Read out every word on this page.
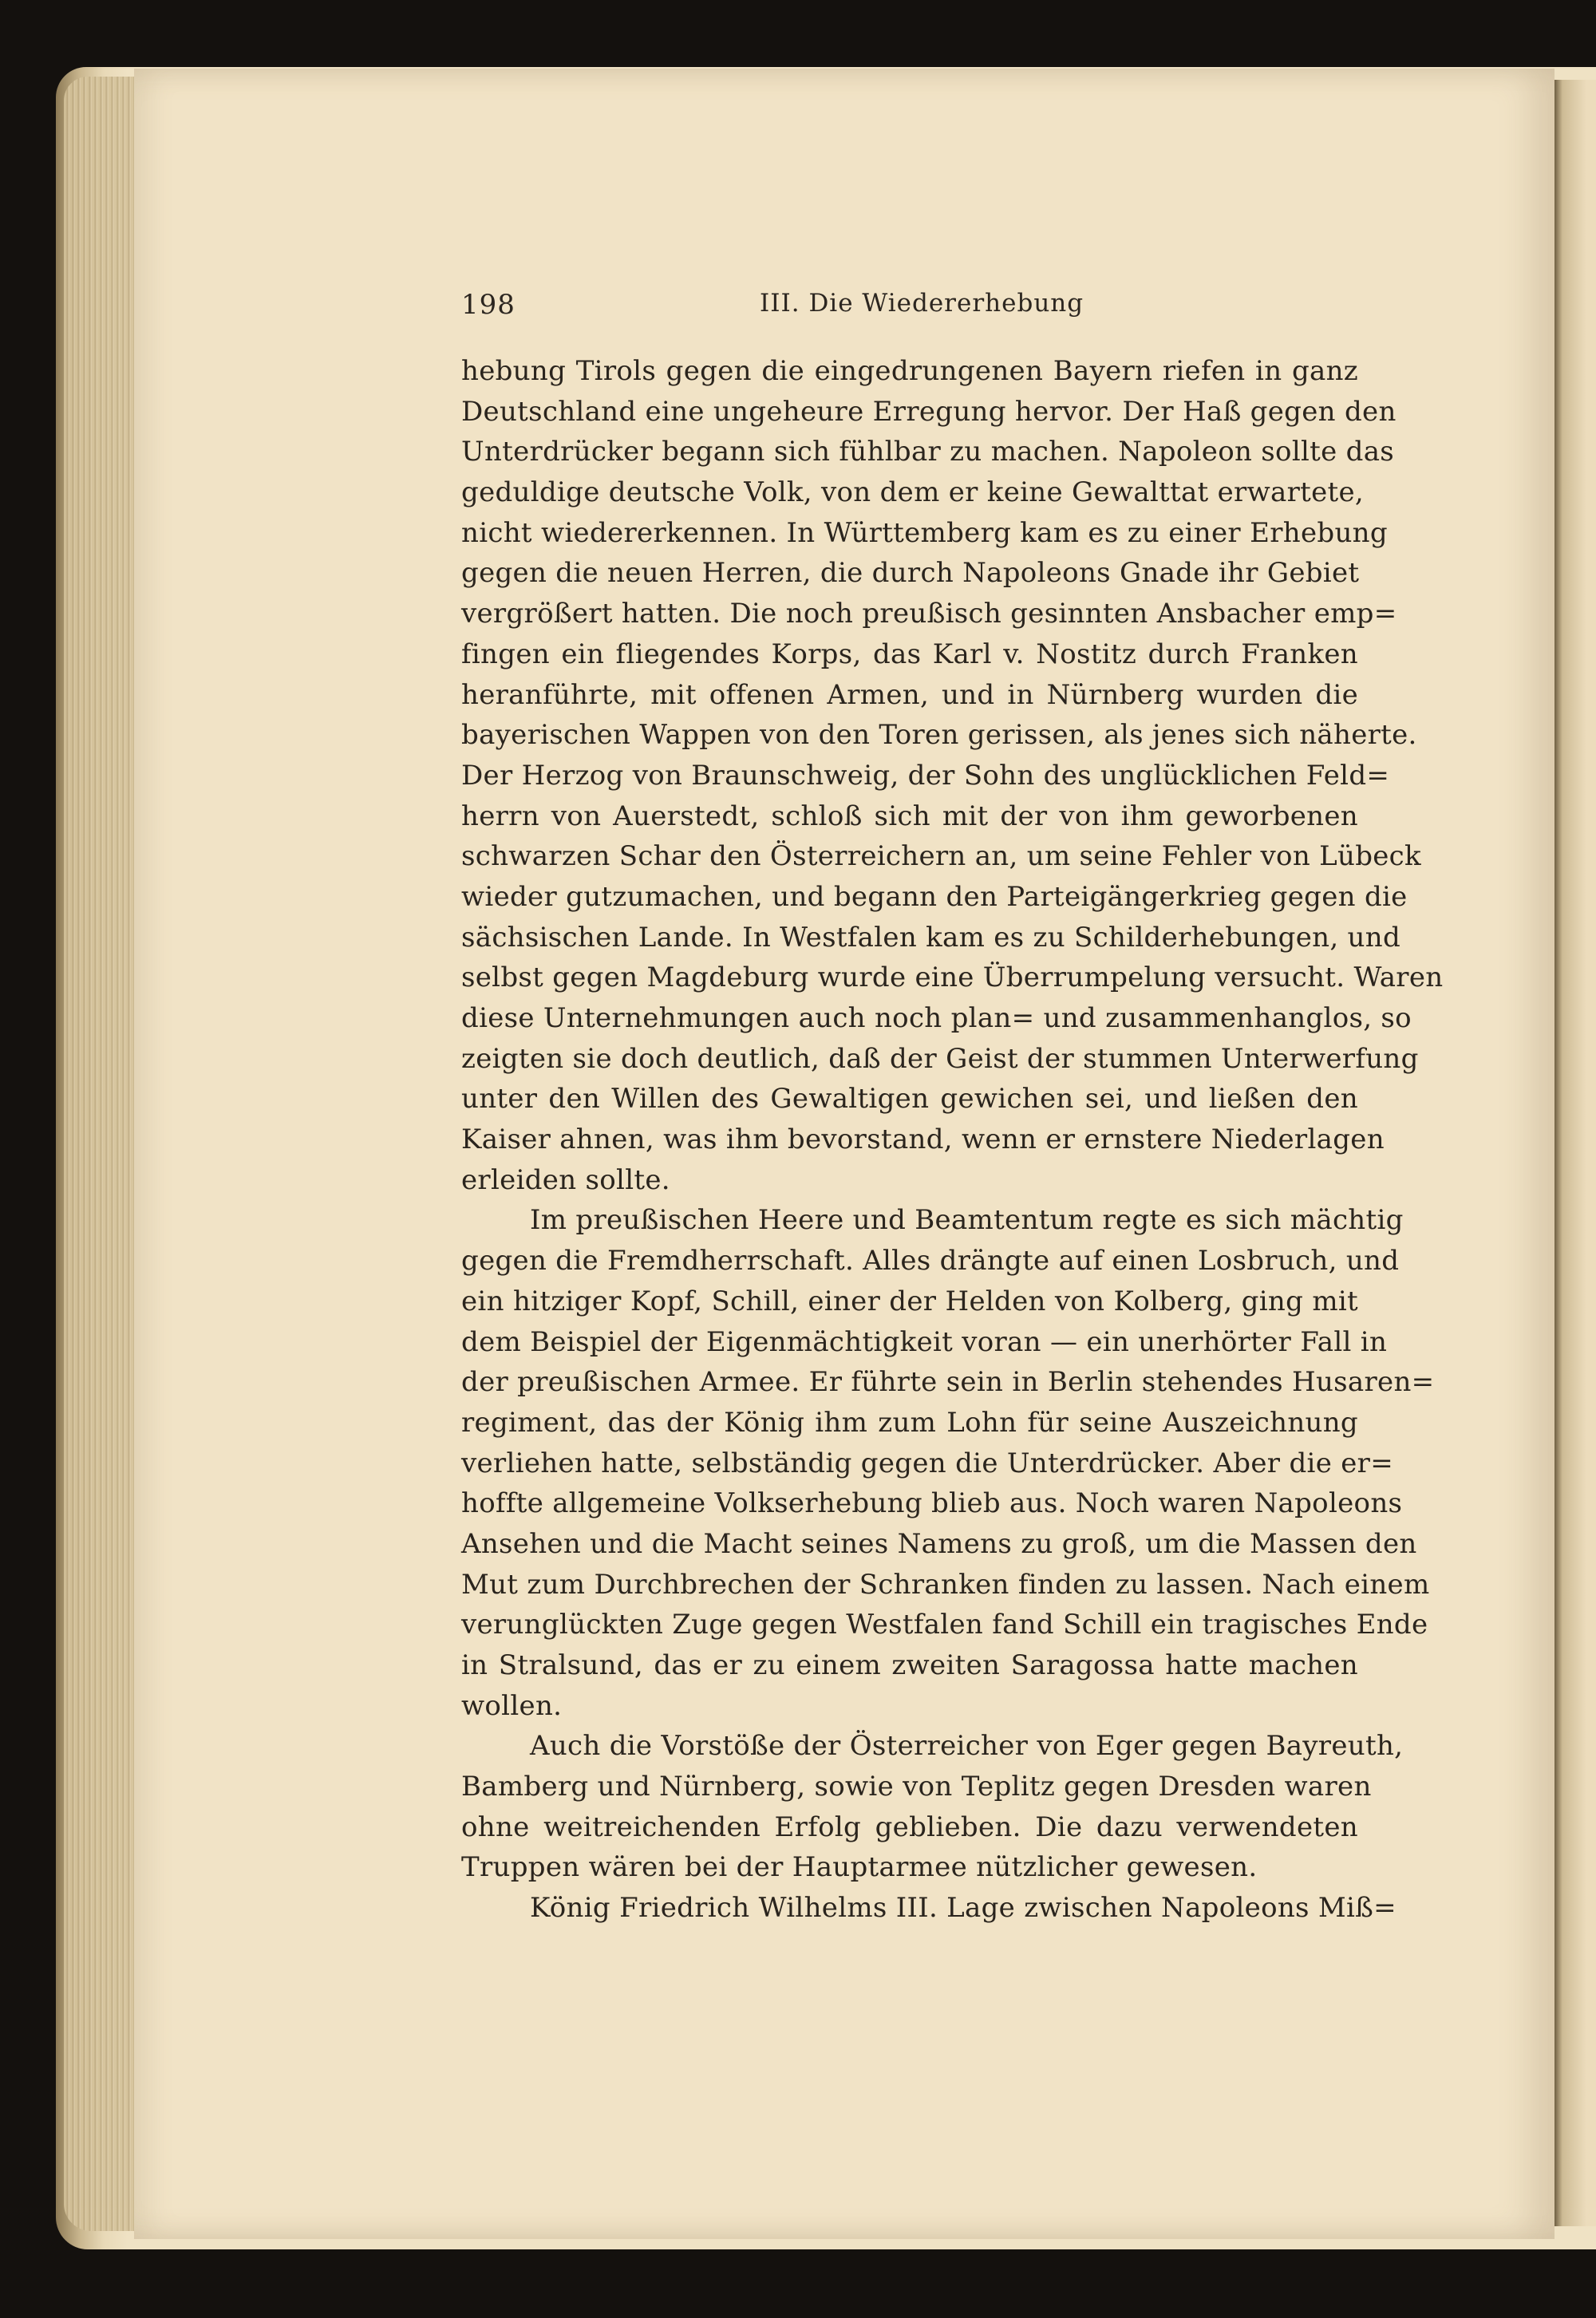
198	III. Die Wiedererhebung
hebung Tirols gegen die eingedrungenen Bayern riefen in ganz
Deutschland eine ungeheure Erregung hervor. Der Haß gegen den
Unterdrücker begann sich fühlbar zu machen. Napoleon sollte das
geduldige deutsche Volk, von dem er keine Gewalttat erwartete,
nicht wiedererkennen. In Württemberg kam es zu einer Erhebung
gegen die neuen Herren, die durch Napoleons Gnade ihr Gebiet
vergrößert hatten. Die noch preußisch gesinnten Ansbacher emp=
fingen ein fliegendes Korps, das Karl v. Nostitz durch Franken
heranführte, mit offenen Armen, und in Nürnberg wurden die
bayerischen Wappen von den Toren gerissen, als jenes sich näherte.
Der Herzog von Braunschweig, der Sohn des unglücklichen Feld=
herrn von Auerstedt, schloß sich mit der von ihm geworbenen
schwarzen Schar den Österreichern an, um seine Fehler von Lübeck
wieder gutzumachen, und begann den Parteigängerkrieg gegen die
sächsischen Lande. In Westfalen kam es zu Schilderhebungen, und
selbst gegen Magdeburg wurde eine Überrumpelung versucht. Waren
diese Unternehmungen auch noch plan= und zusammenhanglos, so
zeigten sie doch deutlich, daß der Geist der stummen Unterwerfung
unter den Willen des Gewaltigen gewichen sei, und ließen den
Kaiser ahnen, was ihm bevorstand, wenn er ernstere Niederlagen
erleiden sollte.
Im preußischen Heere und Beamtentum regte es sich mächtig
gegen die Fremdherrschaft. Alles drängte auf einen Losbruch, und
ein hitziger Kopf, Schill, einer der Helden von Kolberg, ging mit
dem Beispiel der Eigenmächtigkeit voran — ein unerhörter Fall in
der preußischen Armee. Er führte sein in Berlin stehendes Husaren=
regiment, das der König ihm zum Lohn für seine Auszeichnung
verliehen hatte, selbständig gegen die Unterdrücker. Aber die er=
hoffte allgemeine Volkserhebung blieb aus. Noch waren Napoleons
Ansehen und die Macht seines Namens zu groß, um die Massen den
Mut zum Durchbrechen der Schranken finden zu lassen. Nach einem
verunglückten Zuge gegen Westfalen fand Schill ein tragisches Ende
in Stralsund, das er zu einem zweiten Saragossa hatte machen
wollen.
Auch die Vorstöße der Österreicher von Eger gegen Bayreuth,
Bamberg und Nürnberg, sowie von Teplitz gegen Dresden waren
ohne weitreichenden Erfolg geblieben. Die dazu verwendeten
Truppen wären bei der Hauptarmee nützlicher gewesen.
König Friedrich Wilhelms III. Lage zwischen Napoleons Miß=
